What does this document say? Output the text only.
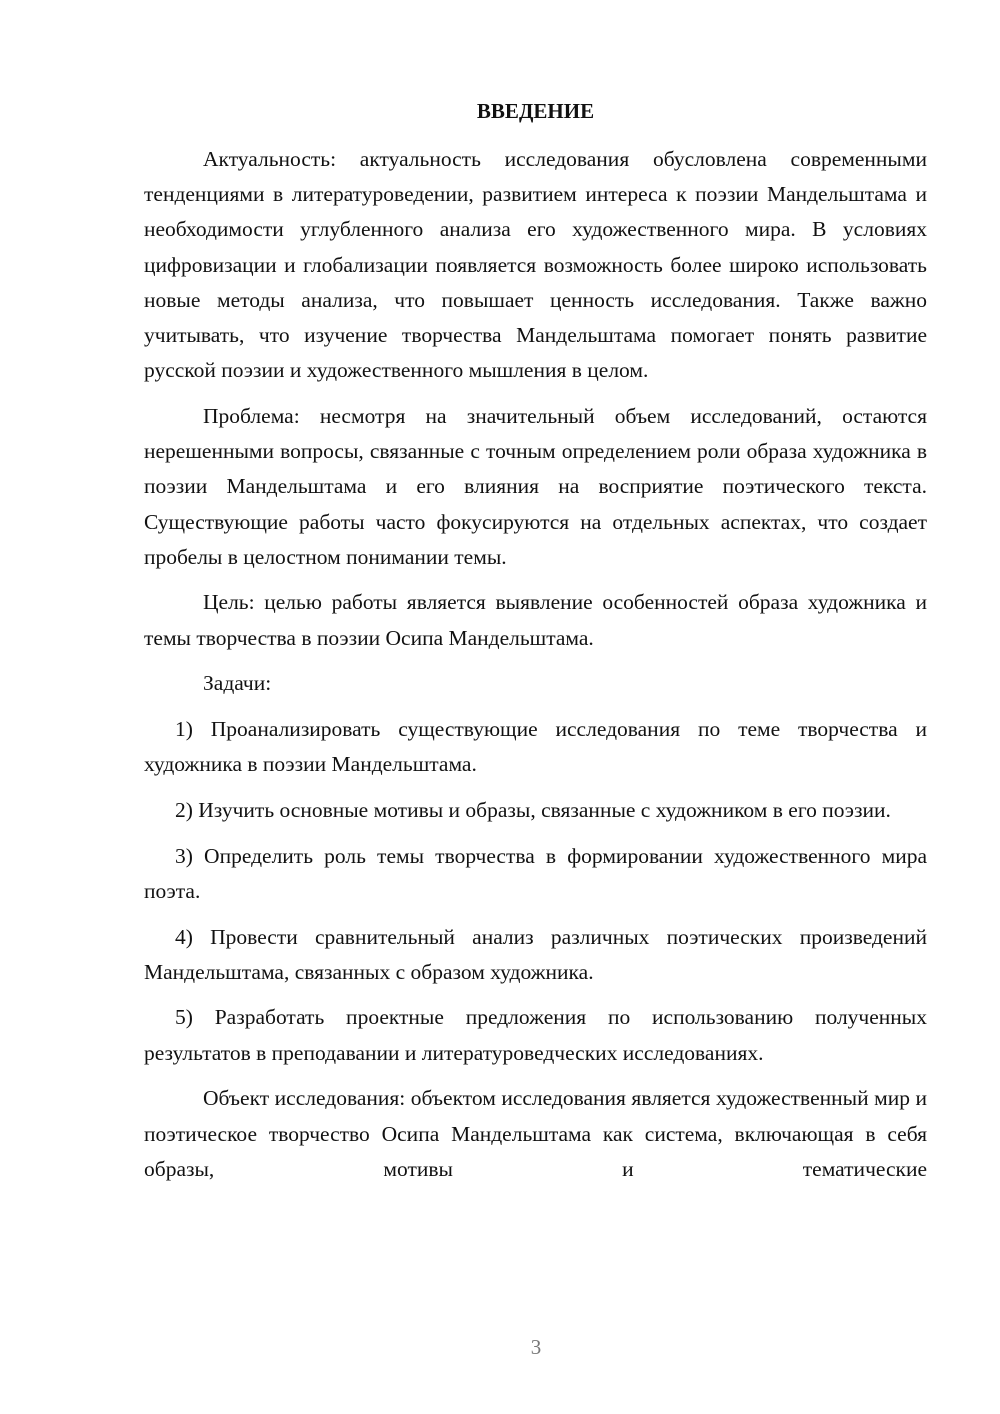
ВВЕДЕНИЕ

Актуальность: актуальность исследования обусловлена современными тенденциями в литературоведении, развитием интереса к поэзии Мандельштама и необходимости углубленного анализа его художественного мира. В условиях цифровизации и глобализации появляется возможность более широко использовать новые методы анализа, что повышает ценность исследования. Также важно учитывать, что изучение творчества Мандельштама помогает понять развитие русской поэзии и художественного мышления в целом.

Проблема: несмотря на значительный объем исследований, остаются нерешенными вопросы, связанные с точным определением роли образа художника в поэзии Мандельштама и его влияния на восприятие поэтического текста. Существующие работы часто фокусируются на отдельных аспектах, что создает пробелы в целостном понимании темы.

Цель: целью работы является выявление особенностей образа художника и темы творчества в поэзии Осипа Мандельштама.

Задачи:

1) Проанализировать существующие исследования по теме творчества и художника в поэзии Мандельштама.

2) Изучить основные мотивы и образы, связанные с художником в его поэзии.

3) Определить роль темы творчества в формировании художественного мира поэта.

4) Провести сравнительный анализ различных поэтических произведений Мандельштама, связанных с образом художника.

5) Разработать проектные предложения по использованию полученных результатов в преподавании и литературоведческих исследованиях.

Объект исследования: объектом исследования является художественный мир и поэтическое творчество Осипа Мандельштама как система, включающая в себя образы, мотивы и тематические

3
